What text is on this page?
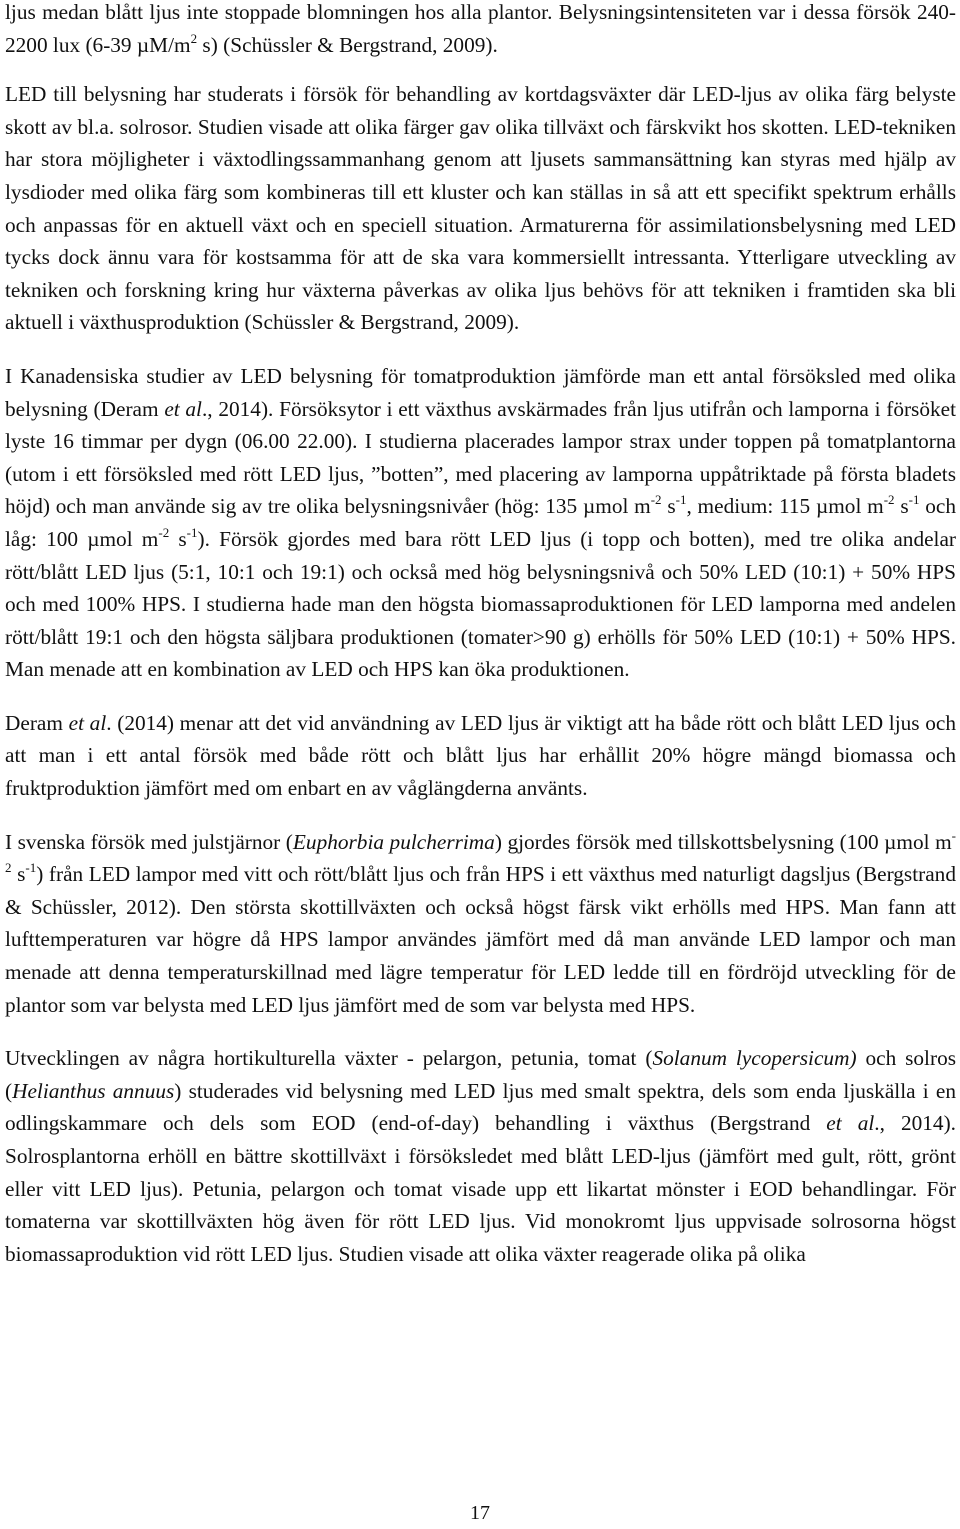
ljus medan blått ljus inte stoppade blomningen hos alla plantor. Belysningsintensiteten var i dessa försök 240-2200 lux (6-39 $\mu M/m^2$ s) (Schüssler & Bergstrand, 2009).

LED till belysning har studerats i försök för behandling av kortdagsväxter där LED-ljus av olika färg belyste skott av bl.a. solrosor. Studien visade att olika färger gav olika tillväxt och färskvikt hos skotten. LED-tekniken har stora möjligheter i växtodlingssammanhang genom att ljusets sammansättning kan styras med hjälp av lysdioder med olika färg som kombineras till ett kluster och kan ställas in så att ett specifikt spektrum erhålls och anpassas för en aktuell växt och en speciell situation. Armaturerna för assimilationsbelysning med LED tycks dock ännu vara för kostsamma för att de ska vara kommersiellt intressanta. Ytterligare utveckling av tekniken och forskning kring hur växterna påverkas av olika ljus behövs för att tekniken i framtiden ska bli aktuell i växthusproduktion (Schüssler & Bergstrand, 2009).

I Kanadensiska studier av LED belysning för tomatproduktion jämförde man ett antal försöksled med olika belysning (Deram et al., 2014). Försöksytor i ett växthus avskärmades från ljus utifrån och lamporna i försöket lyste 16 timmar per dygn (06.00 22.00). I studierna placerades lampor strax under toppen på tomatplantorna (utom i ett försöksled med rött LED ljus, ”botten”, med placering av lamporna uppåtriktade på första bladets höjd) och man använde sig av tre olika belysningsnivåer (hög: 135 µmol $m^{-2}$ $s^{-1}$, medium: 115 µmol $m^{-2}$ $s^{-1}$ och låg: 100 µmol $m^{-2}$ $s^{-1}$). Försök gjordes med bara rött LED ljus (i topp och botten), med tre olika andelar rött/blått LED ljus (5:1, 10:1 och 19:1) och också med hög belysningsnivå och 50% LED (10:1) + 50% HPS och med 100% HPS. I studierna hade man den högsta biomassaproduktionen för LED lamporna med andelen rött/blått 19:1 och den högsta säljbara produktionen (tomater>90 g) erhölls för 50% LED (10:1) + 50% HPS. Man menade att en kombination av LED och HPS kan öka produktionen.

Deram et al. (2014) menar att det vid användning av LED ljus är viktigt att ha både rött och blått LED ljus och att man i ett antal försök med både rött och blått ljus har erhållit 20% högre mängd biomassa och fruktproduktion jämfört med om enbart en av våglängderna använts.

I svenska försök med julstjärnor (Euphorbia pulcherrima) gjordes försök med tillskottsbelysning (100 µmol $m^{-2}$ $s^{-1}$) från LED lampor med vitt och rött/blått ljus och från HPS i ett växthus med naturligt dagsljus (Bergstrand & Schüssler, 2012). Den största skottillväxten och också högst färsk vikt erhölls med HPS. Man fann att lufttemperaturen var högre då HPS lampor användes jämfört med då man använde LED lampor och man menade att denna temperaturskillnad med lägre temperatur för LED ledde till en fördröjd utveckling för de plantor som var belysta med LED ljus jämfört med de som var belysta med HPS.

Utvecklingen av några hortikulturella växter - pelargon, petunia, tomat (Solanum lycopersicum) och solros (Helianthus annuus) studerades vid belysning med LED ljus med smalt spektra, dels som enda ljuskälla i en odlingskammare och dels som EOD (end-of-day) behandling i växthus (Bergstrand et al., 2014). Solrosplantorna erhöll en bättre skottillväxt i försöksledet med blått LED-ljus (jämfört med gult, rött, grönt eller vitt LED ljus). Petunia, pelargon och tomat visade upp ett likartat mönster i EOD behandlingar. För tomaterna var skottillväxten hög även för rött LED ljus. Vid monokromt ljus uppvisade solrosorna högst biomassaproduktion vid rött LED ljus. Studien visade att olika växter reagerade olika på olika

17
